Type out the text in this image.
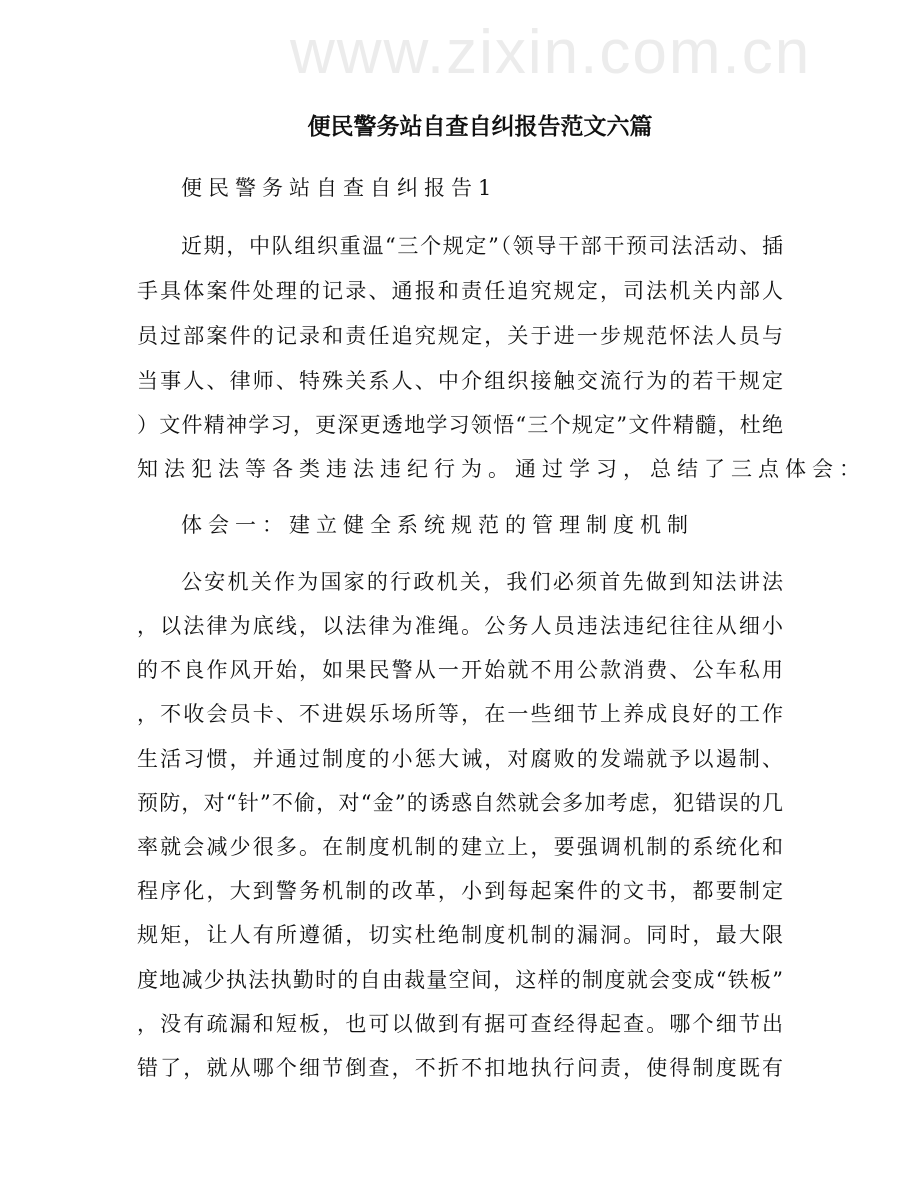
www.zixin.com.cn
便民警务站自查自纠报告范文六篇
便民警务站自查自纠报告1
近期，中队组织重温“三个规定”（领导干部干预司法活动、插
手具体案件处理的记录、通报和责任追究规定，司法机关内部人
员过部案件的记录和责任追究规定，关于进一步规范怀法人员与
当事人、律师、特殊关系人、中介组织接触交流行为的若干规定
）文件精神学习，更深更透地学习领悟“三个规定”文件精髓，杜绝
知法犯法等各类违法违纪行为。通过学习，总结了三点体会：
体会一：建立健全系统规范的管理制度机制
公安机关作为国家的行政机关，我们必须首先做到知法讲法
，以法律为底线，以法律为准绳。公务人员违法违纪往往从细小
的不良作风开始，如果民警从一开始就不用公款消费、公车私用
，不收会员卡、不进娱乐场所等，在一些细节上养成良好的工作
生活习惯，并通过制度的小惩大诫，对腐败的发端就予以遏制、
预防，对“针”不偷，对“金”的诱惑自然就会多加考虑，犯错误的几
率就会减少很多。在制度机制的建立上，要强调机制的系统化和
程序化，大到警务机制的改革，小到每起案件的文书，都要制定
规矩，让人有所遵循，切实杜绝制度机制的漏洞。同时，最大限
度地减少执法执勤时的自由裁量空间，这样的制度就会变成“铁板”
，没有疏漏和短板，也可以做到有据可查经得起查。哪个细节出
错了，就从哪个细节倒查，不折不扣地执行问责，使得制度既有
